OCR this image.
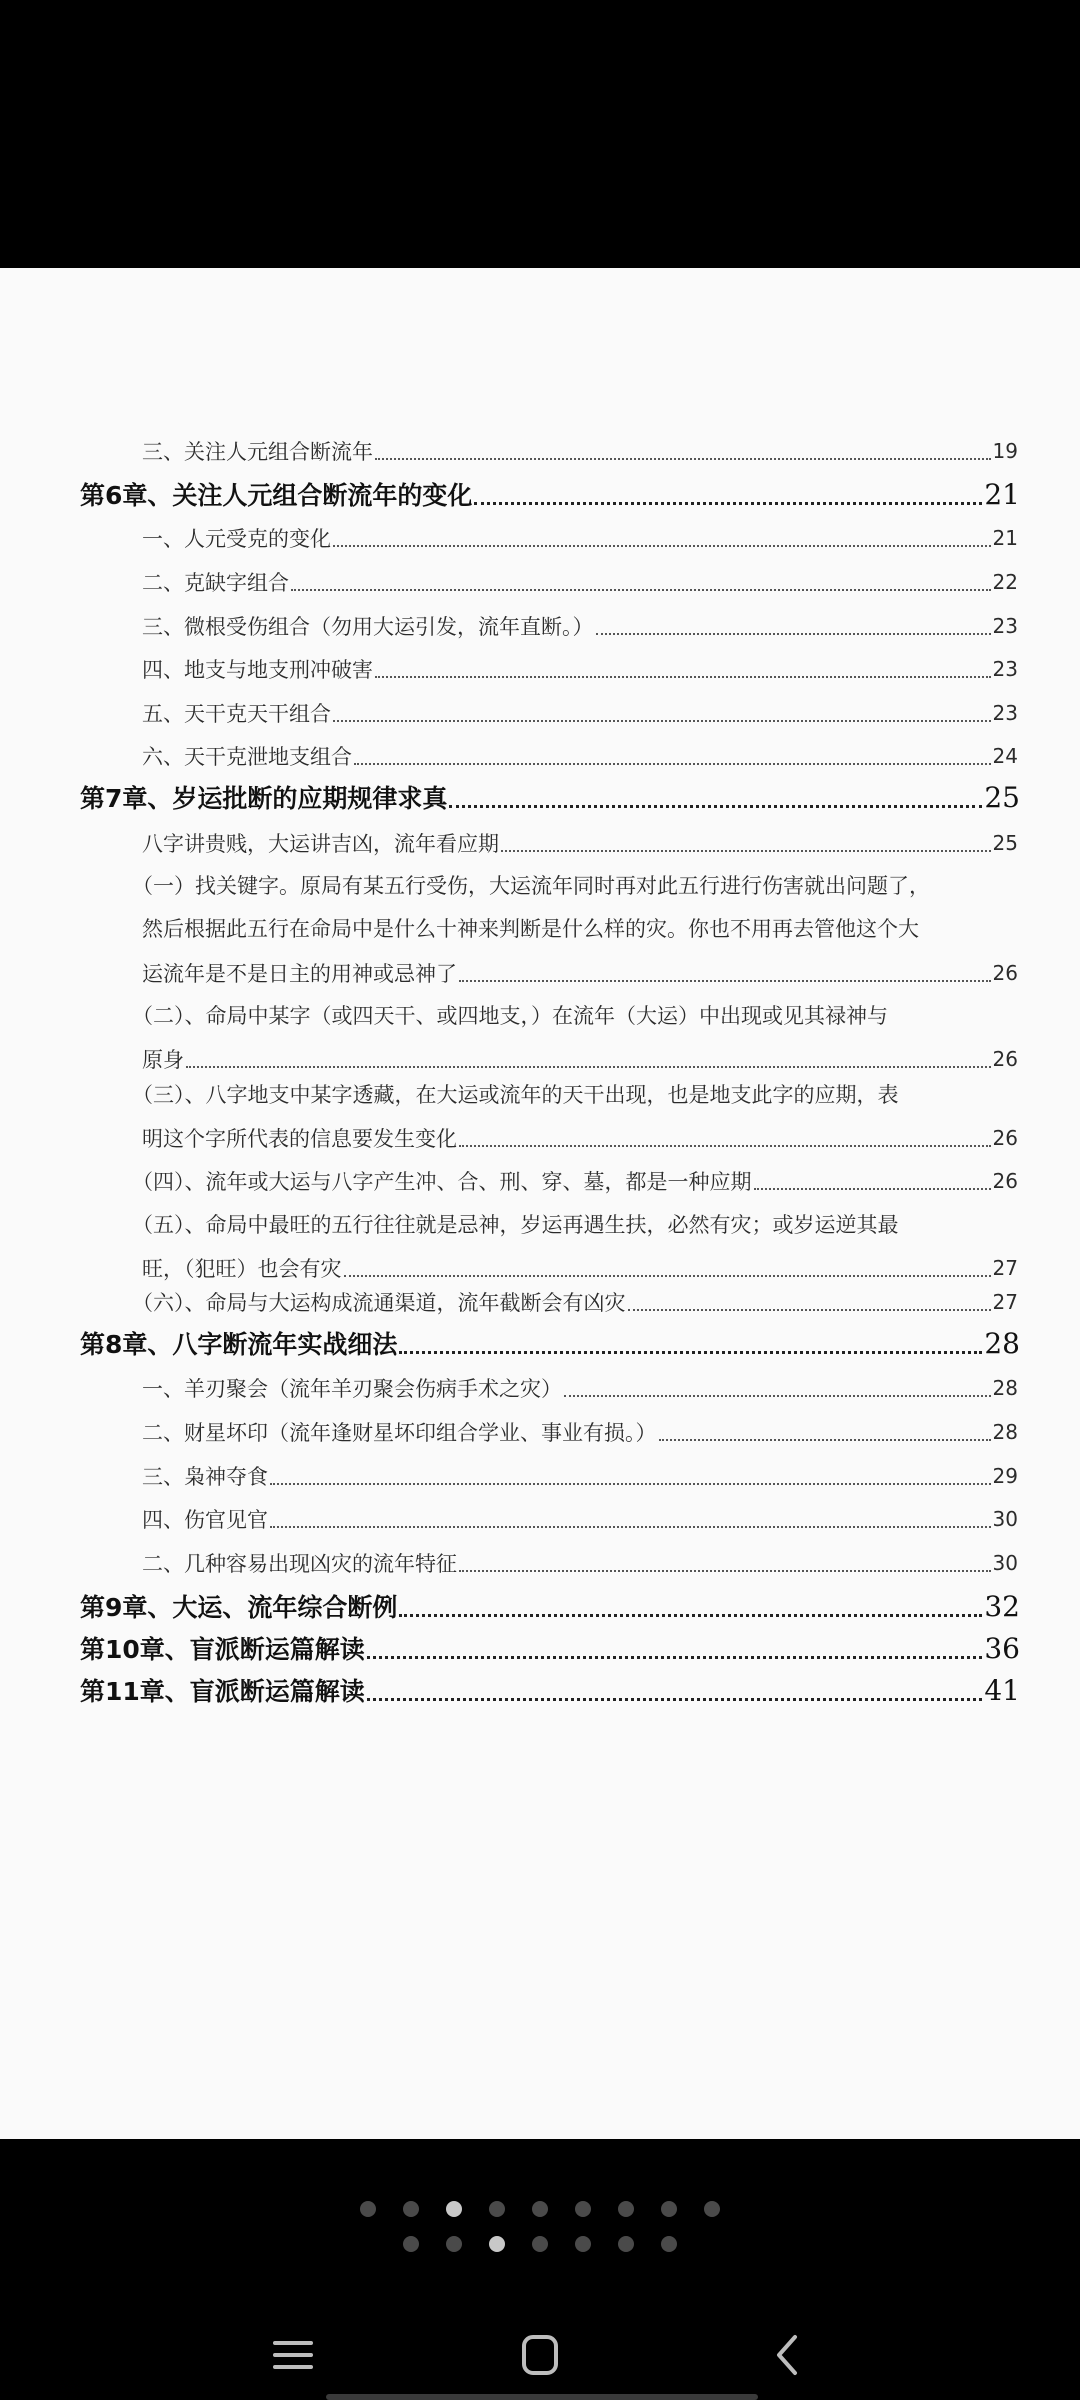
三、关注人元组合断流年	19
第6章、关注人元组合断流年的变化	21
一、人元受克的变化	21
二、克缺字组合	22
三、微根受伤组合（勿用大运引发，流年直断。）	23
四、地支与地支刑冲破害	23
五、天干克天干组合	23
六、天干克泄地支组合	24
第7章、岁运批断的应期规律求真	25
八字讲贵贱，大运讲吉凶，流年看应期	25
（一）找关键字。原局有某五行受伤，大运流年同时再对此五行进行伤害就出问题了，
然后根据此五行在命局中是什么十神来判断是什么样的灾。你也不用再去管他这个大
运流年是不是日主的用神或忌神了	26
（二）、命局中某字（或四天干、或四地支，）在流年（大运）中出现或见其禄神与
原身	26
（三）、八字地支中某字透藏，在大运或流年的天干出现，也是地支此字的应期，表
明这个字所代表的信息要发生变化	26
（四）、流年或大运与八字产生冲、合、刑、穿、墓，都是一种应期	26
（五）、命局中最旺的五行往往就是忌神，岁运再遇生扶，必然有灾；或岁运逆其最
旺，（犯旺）也会有灾	27
（六）、命局与大运构成流通渠道，流年截断会有凶灾	27
第8章、八字断流年实战细法	28
一、羊刃聚会（流年羊刃聚会伤病手术之灾）	28
二、财星坏印（流年逢财星坏印组合学业、事业有损。）	28
三、枭神夺食	29
四、伤官见官	30
二、几种容易出现凶灾的流年特征	30
第9章、大运、流年综合断例	32
第10章、盲派断运篇解读	36
第11章、盲派断运篇解读	41
